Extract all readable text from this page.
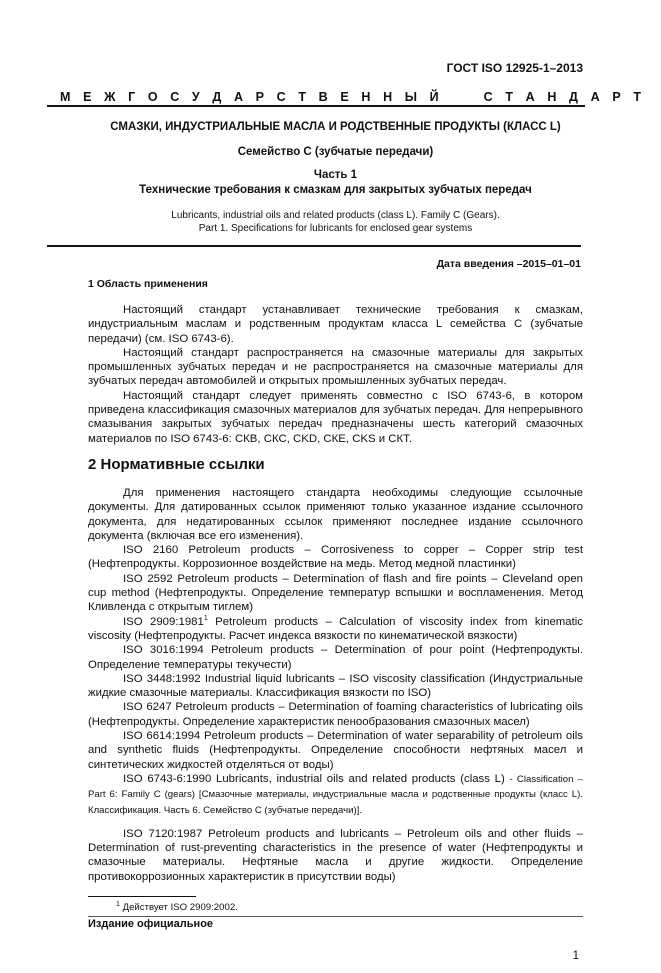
ГОСТ ISO 12925-1–2013
М Е Ж Г О С У Д А Р С Т В Е Н Н Ы Й     С Т А Н Д А Р Т
СМАЗКИ, ИНДУСТРИАЛЬНЫЕ МАСЛА И РОДСТВЕННЫЕ ПРОДУКТЫ (КЛАСС L)
Семейство С (зубчатые передачи)
Часть 1
Технические требования к смазкам для закрытых зубчатых передач
Lubricants, industrial oils and related products (class L). Family C (Gears).
Part 1. Specifications for lubricants for enclosed gear systems
Дата введения –2015–01–01
1 Область применения

Настоящий стандарт устанавливает технические требования к смазкам, индустриальным маслам и родственным продуктам класса L семейства С (зубчатые передачи) (см. ISO 6743-6).

Настоящий стандарт распространяется на смазочные материалы для закрытых промышленных зубчатых передач и не распространяется на смазочные материалы для зубчатых передач автомобилей и открытых промышленных зубчатых передач.

Настоящий стандарт следует применять совместно с ISO 6743-6, в котором приведена классификация смазочных материалов для зубчатых передач. Для непрерывного смазывания закрытых зубчатых передач предназначены шесть категорий смазочных материалов по ISO 6743-6: СКВ, СКС, CKD, СКЕ, CKS и СКТ.

2 Нормативные ссылки

Для применения настоящего стандарта необходимы следующие ссылочные документы. Для датированных ссылок применяют только указанное издание ссылочного документа, для недатированных ссылок применяют последнее издание ссылочного документа (включая все его изменения).

ISO 2160 Petroleum products – Corrosiveness to copper – Copper strip test (Нефтепродукты. Коррозионное воздействие на медь. Метод медной пластинки)

ISO 2592 Petroleum products – Determination of flash and fire points – Cleveland open cup method (Нефтепродукты. Определение температур вспышки и воспламенения. Метод Кливленда с открытым тиглем)

ISO 2909:1981$^1$ Petroleum products – Calculation of viscosity index from kinematic viscosity (Нефтепродукты. Расчет индекса вязкости по кинематической вязкости)

ISO 3016:1994 Petroleum products – Determination of pour point (Нефтепродукты. Определение температуры текучести)

ISO 3448:1992 Industrial liquid lubricants – ISO viscosity classification (Индустриальные жидкие смазочные материалы. Классификация вязкости по ISO)

ISO 6247 Petroleum products – Determination of foaming characteristics of lubricating oils (Нефтепродукты. Определение характеристик пенообразования смазочных масел)

ISO 6614:1994 Petroleum products – Determination of water separability of petroleum oils and synthetic fluids (Нефтепродукты. Определение способности нефтяных масел и синтетических жидкостей отделяться от воды)

ISO 6743-6:1990 Lubricants, industrial oils and related products (class L) - Classification – Part 6: Family C (gears) [Смазочные материалы, индустриальные масла и родственные продукты (класс L). Классификация. Часть 6. Семейство С (зубчатые передачи)].

ISO 7120:1987 Petroleum products and lubricants – Petroleum oils and other fluids – Determination of rust-preventing characteristics in the presence of water (Нефтепродукты и смазочные материалы. Нефтяные масла и другие жидкости. Определение противокоррозионных характеристик в присутствии воды)

$^1$ Действует ISO 2909:2002.
Издание официальное
1
